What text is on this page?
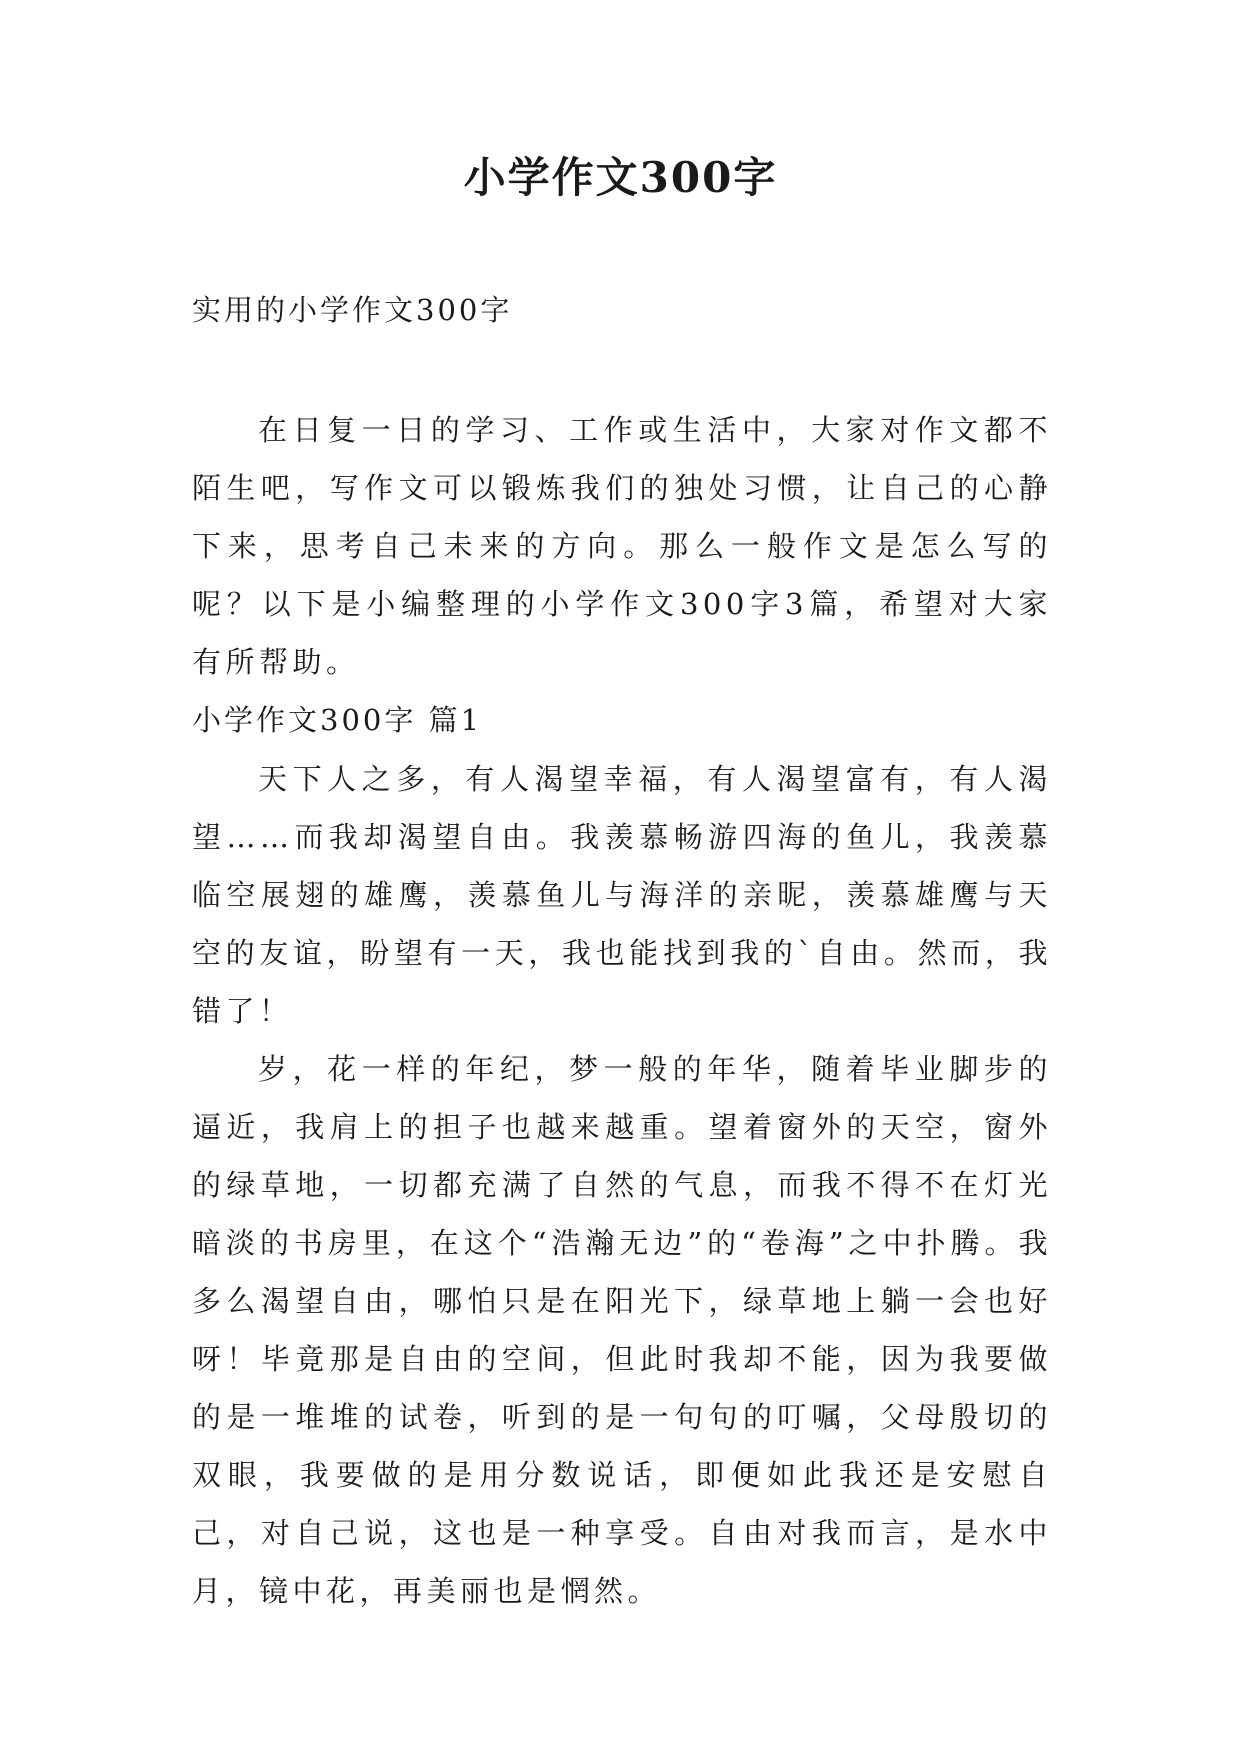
小学作文300字

实用的小学作文300字

在日复一日的学习、工作或生活中，大家对作文都不陌生吧，写作文可以锻炼我们的独处习惯，让自己的心静下来，思考自己未来的方向。那么一般作文是怎么写的呢？以下是小编整理的小学作文300字3篇，希望对大家有所帮助。

小学作文300字 篇1

天下人之多，有人渴望幸福，有人渴望富有，有人渴望……而我却渴望自由。我羡慕畅游四海的鱼儿，我羡慕临空展翅的雄鹰，羡慕鱼儿与海洋的亲昵，羡慕雄鹰与天空的友谊，盼望有一天，我也能找到我的`自由。然而，我错了！

岁，花一样的年纪，梦一般的年华，随着毕业脚步的逼近，我肩上的担子也越来越重。望着窗外的天空，窗外的绿草地，一切都充满了自然的气息，而我不得不在灯光暗淡的书房里，在这个“浩瀚无边”的“卷海”之中扑腾。我多么渴望自由，哪怕只是在阳光下，绿草地上躺一会也好呀！毕竟那是自由的空间，但此时我却不能，因为我要做的是一堆堆的试卷，听到的是一句句的叮嘱，父母殷切的双眼，我要做的是用分数说话，即便如此我还是安慰自己，对自己说，这也是一种享受。自由对我而言，是水中月，镜中花，再美丽也是惘然。
